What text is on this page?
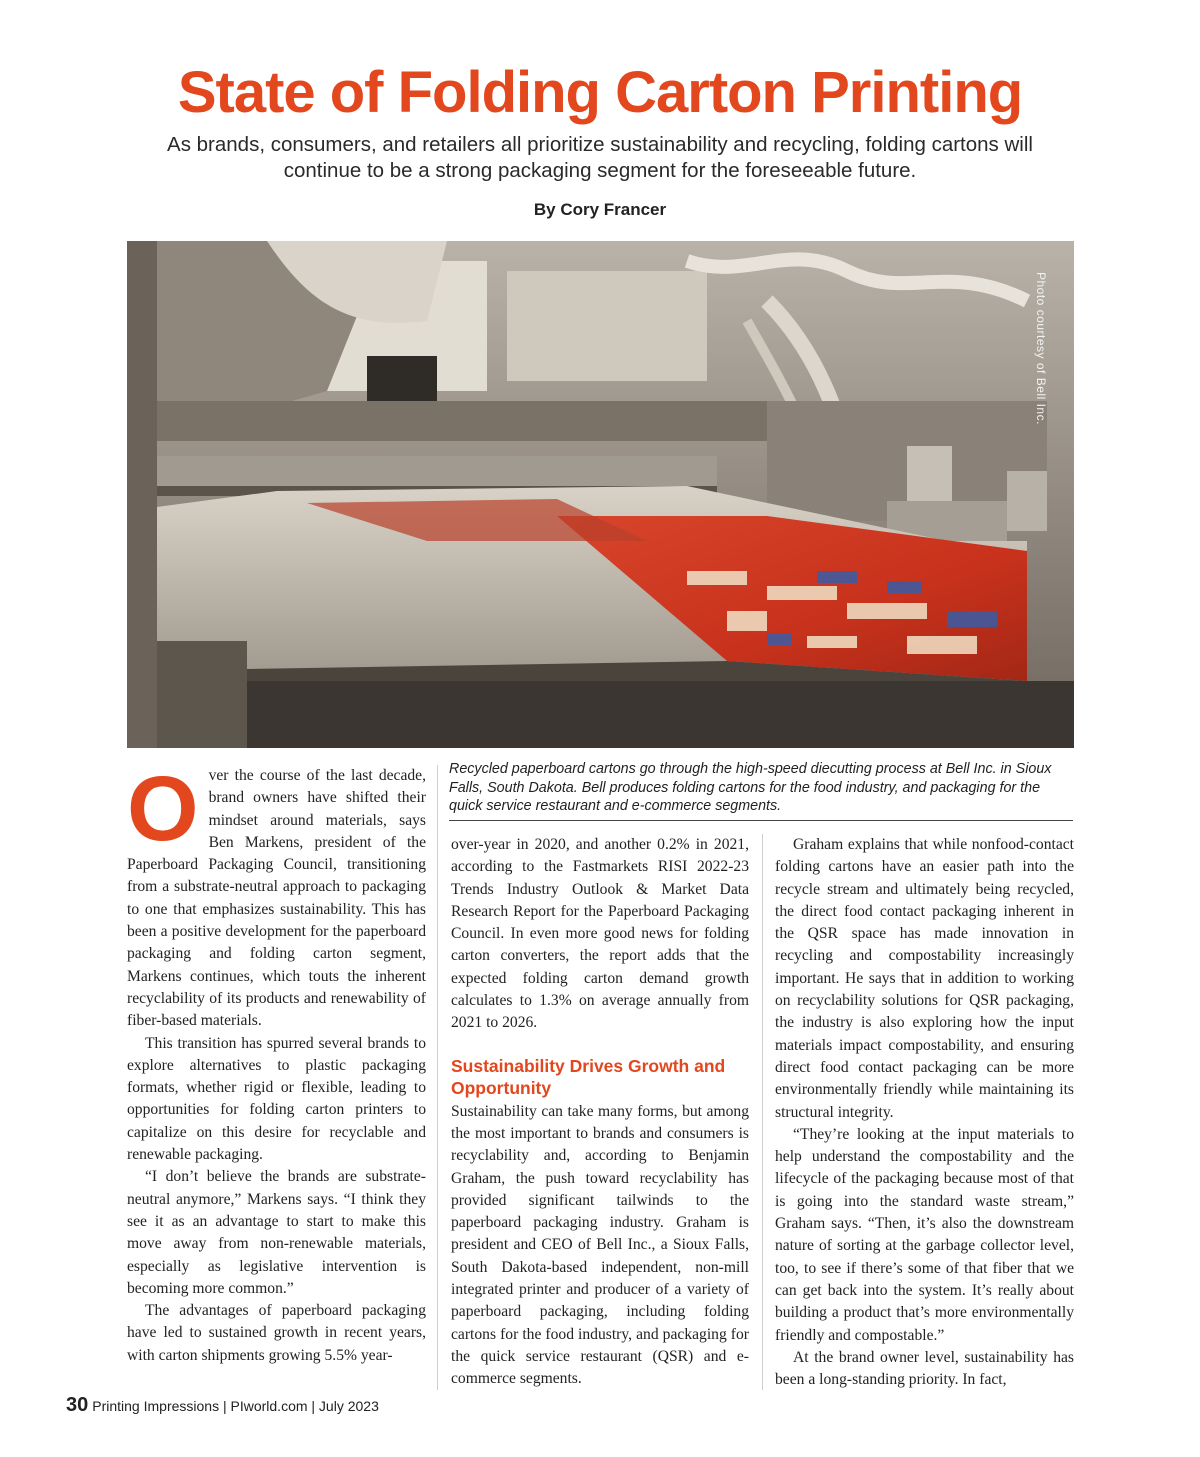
State of Folding Carton Printing
As brands, consumers, and retailers all prioritize sustainability and recycling, folding cartons will continue to be a strong packaging segment for the foreseeable future.
By Cory Francer
Photo courtesy of Bell Inc.
O ver the course of the last decade, brand owners have shifted their mindset around materials, says Ben Markens, president of the Paperboard Packaging Council, transitioning from a substrate-neutral approach to packaging to one that emphasizes sustainability. This has been a positive development for the paperboard packaging and folding carton segment, Markens continues, which touts the inherent recyclability of its products and renewability of fiber-based materials.

This transition has spurred several brands to explore alternatives to plastic packaging formats, whether rigid or flexible, leading to opportunities for folding carton printers to capitalize on this desire for recyclable and renewable packaging.

“I don’t believe the brands are substrate-neutral anymore,” Markens says. “I think they see it as an advantage to start to make this move away from non-renewable materials, especially as legislative intervention is becoming more common.”

The advantages of paperboard packaging have led to sustained growth in recent years, with carton shipments growing 5.5% year-

Recycled paperboard cartons go through the high-speed diecutting process at Bell Inc. in Sioux Falls, South Dakota. Bell produces folding cartons for the food industry, and packaging for the quick service restaurant and e-commerce segments.

over-year in 2020, and another 0.2% in 2021, according to the Fastmarkets RISI 2022-23 Trends Industry Outlook & Market Data Research Report for the Paperboard Packaging Council. In even more good news for folding carton converters, the report adds that the expected folding carton demand growth calculates to 1.3% on average annually from 2021 to 2026.

Sustainability Drives Growth and Opportunity

Sustainability can take many forms, but among the most important to brands and consumers is recyclability and, according to Benjamin Graham, the push toward recyclability has provided significant tailwinds to the paperboard packaging industry. Graham is president and CEO of Bell Inc., a Sioux Falls, South Dakota-based independent, non-mill integrated printer and producer of a variety of paperboard packaging, including folding cartons for the food industry, and packaging for the quick service restaurant (QSR) and e-commerce segments.

Graham explains that while nonfood-contact folding cartons have an easier path into the recycle stream and ultimately being recycled, the direct food contact packaging inherent in the QSR space has made innovation in recycling and compostability increasingly important. He says that in addition to working on recyclability solutions for QSR packaging, the industry is also exploring how the input materials impact compostability, and ensuring direct food contact packaging can be more environmentally friendly while maintaining its structural integrity.

“They’re looking at the input materials to help understand the compostability and the lifecycle of the packaging because most of that is going into the standard waste stream,” Graham says. “Then, it’s also the downstream nature of sorting at the garbage collector level, too, to see if there’s some of that fiber that we can get back into the system. It’s really about building a product that’s more environmentally friendly and compostable.”

At the brand owner level, sustainability has been a long-standing priority. In fact,

30 Printing Impressions | PIworld.com | July 2023
